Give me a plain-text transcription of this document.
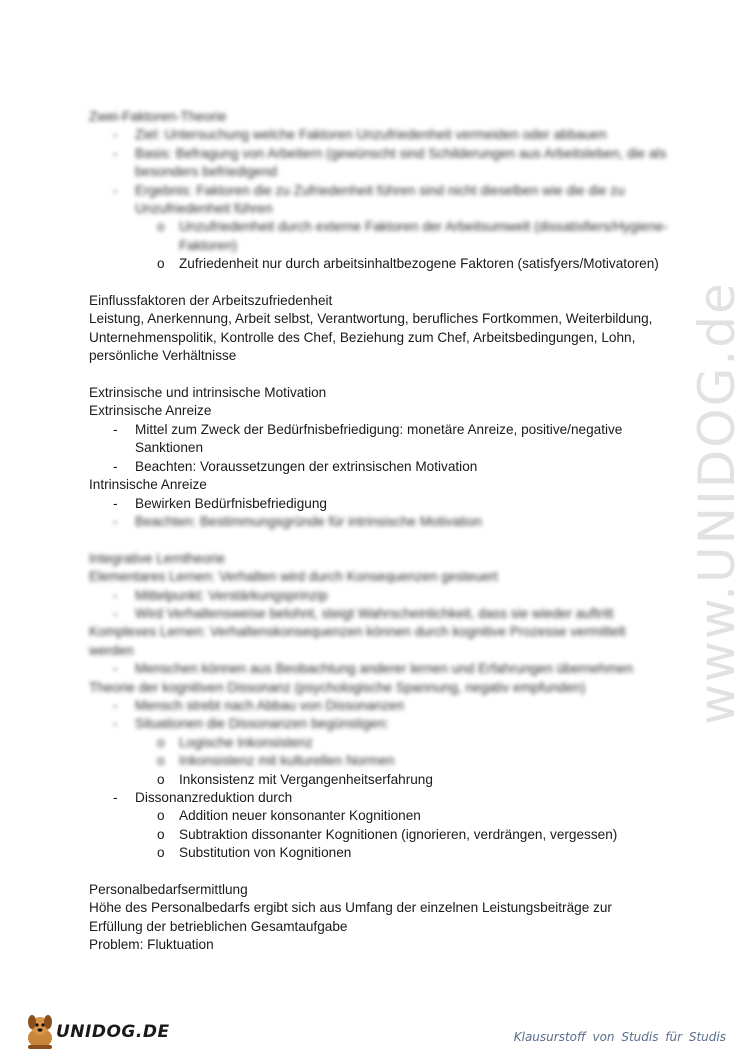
www.UNIDOG.de
Zwei-Faktoren-Theorie
- Ziel: Untersuchung welche Faktoren Unzufriedenheit vermeiden oder abbauen
- Basis: Befragung von Arbeitern (gewünscht sind Schilderungen aus Arbeitsleben, die als besonders befriedigend
- Ergebnis: Faktoren die zu Zufriedenheit führen sind nicht dieselben wie die die zu Unzufriedenheit führen
o Unzufriedenheit durch externe Faktoren der Arbeitsumwelt (dissatisfiers/Hygiene-Faktoren)
o Zufriedenheit nur durch arbeitsinhaltbezogene Faktoren (satisfyers/Motivatoren)
Einflussfaktoren der Arbeitszufriedenheit
Leistung, Anerkennung, Arbeit selbst, Verantwortung, berufliches Fortkommen, Weiterbildung, Unternehmenspolitik, Kontrolle des Chef, Beziehung zum Chef, Arbeitsbedingungen, Lohn, persönliche Verhältnisse
Extrinsische und intrinsische Motivation
Extrinsische Anreize
- Mittel zum Zweck der Bedürfnisbefriedigung: monetäre Anreize, positive/negative Sanktionen
- Beachten: Voraussetzungen der extrinsischen Motivation
Intrinsische Anreize
- Bewirken Bedürfnisbefriedigung
- Beachten: Bestimmungsgründe für intrinsische Motivation
Integrative Lerntheorie
Elementares Lernen: Verhalten wird durch Konsequenzen gesteuert
- Mittelpunkt: Verstärkungsprinzip
- Wird Verhaltensweise belohnt, steigt Wahrscheinlichkeit, dass sie wieder auftritt
Komplexes Lernen: Verhaltenskonsequenzen können durch kognitive Prozesse vermittelt werden
- Menschen können aus Beobachtung anderer lernen und Erfahrungen übernehmen
Theorie der kognitiven Dissonanz (psychologische Spannung, negativ empfunden)
- Mensch strebt nach Abbau von Dissonanzen
- Situationen die Dissonanzen begünstigen:
o Logische Inkonsistenz
o Inkonsistenz mit kulturellen Normen
o Inkonsistenz mit Vergangenheitserfahrung
- Dissonanzreduktion durch
o Addition neuer konsonanter Kognitionen
o Subtraktion dissonanter Kognitionen (ignorieren, verdrängen, vergessen)
o Substitution von Kognitionen
Personalbedarfsermittlung
Höhe des Personalbedarfs ergibt sich aus Umfang der einzelnen Leistungsbeiträge zur Erfüllung der betrieblichen Gesamtaufgabe
Problem: Fluktuation
UNIDOG.DE	Klausurstoff von Studis für Studis
